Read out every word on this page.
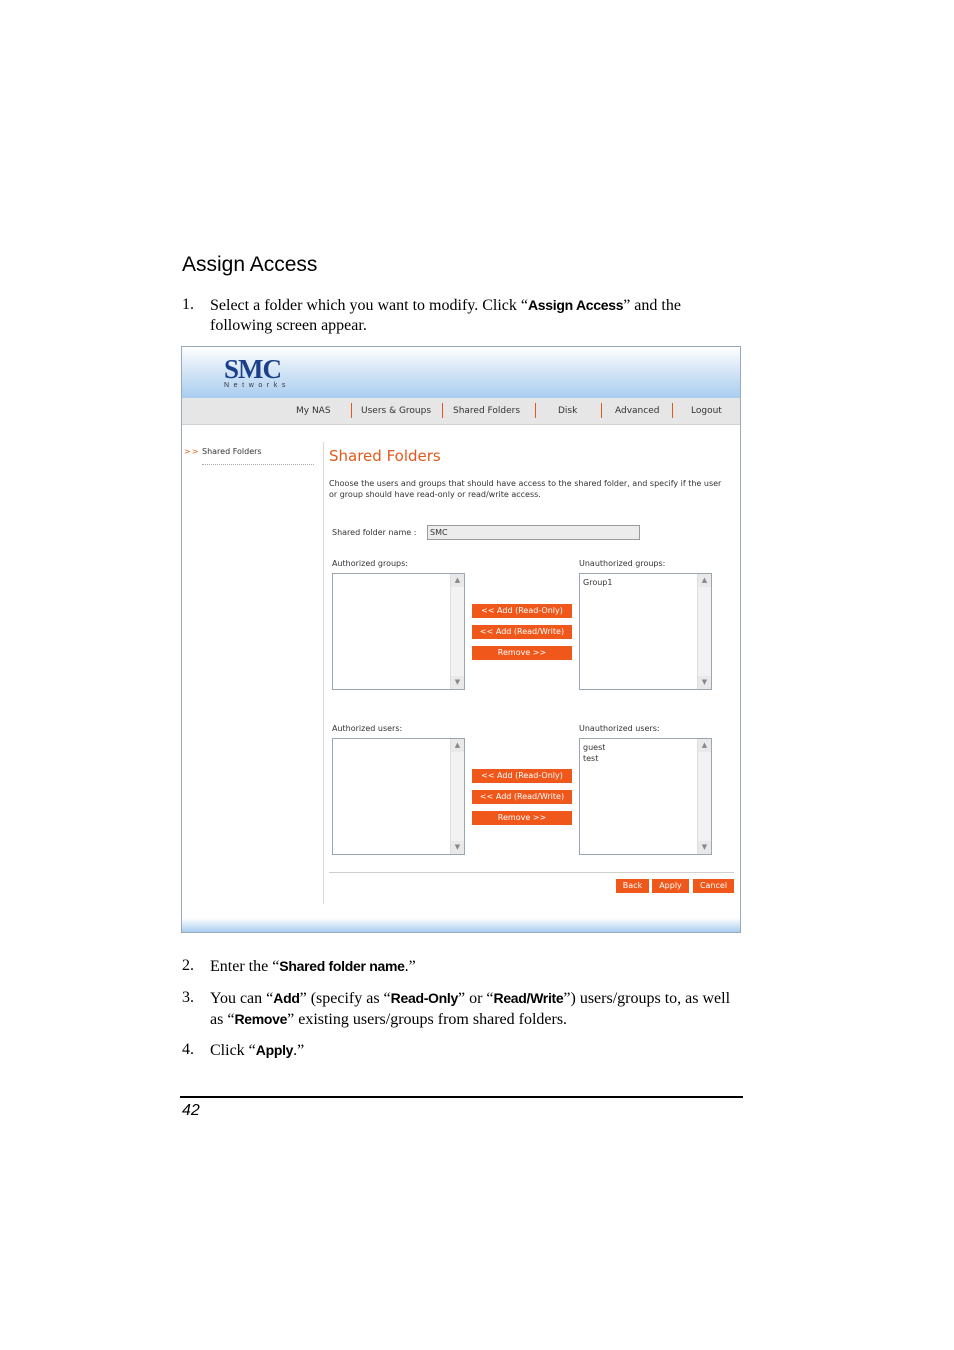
Assign Access
1. Select a folder which you want to modify. Click “Assign Access” and the following screen appear.
SMC
Networks
My NAS	Users & Groups Shared Folders	Disk	Advanced	Logout
>> Shared Folders	Shared Folders
Choose the users and groups that should have access to the shared folder, and specify if the user or group should have read-only or read/write access.
Shared folder name :	SMC
Authorized groups:	Unauthorized groups:
▲
▼
Group1	▲
▼
<< Add (Read-Only)
<< Add (Read/Write)
Remove >>
Authorized users:	Unauthorized users:
▲
▼
guest
test
▲
▼
<< Add (Read-Only)
<< Add (Read/Write)
Remove >>
Back	Apply	Cancel
2. Enter the “Shared folder name.”
3. You can “Add” (specify as “Read-Only” or “Read/Write”) users/groups to, as well as “Remove” existing users/groups from shared folders.
4. Click “Apply.”
42
